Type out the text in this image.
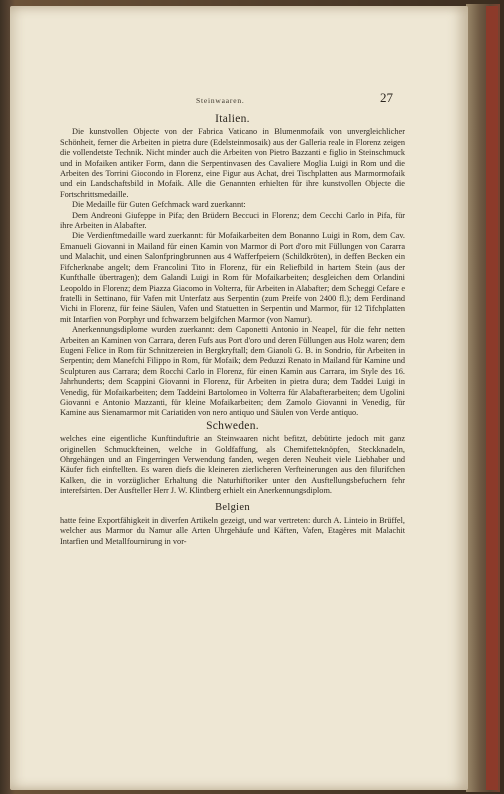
Steinwaaren.	27
Italien.

Die kunstvollen Objecte von der Fabrica Vaticano in Blumenmofaik von unvergleichlicher Schönheit, ferner die Arbeiten in pietra dure (Edelsteinmosaik) aus der Galleria reale in Florenz zeigen die vollendetste Technik. Nicht minder auch die Arbeiten von Pietro Bazzanti e figlio in Steinschmuck und in Mofaiken antiker Form, dann die Serpentinvasen des Cavaliere Moglia Luigi in Rom und die Arbeiten des Torrini Giocondo in Florenz, eine Figur aus Achat, drei Tischplatten aus Marmormofaik und ein Landschaftsbild in Mofaik. Alle die Genannten erhielten für ihre kunstvollen Objecte die Fortschrittsmedaille.

Die Medaille für Guten Gefchmack ward zuerkannt:

Dem Andreoni Giufeppe in Pifa; den Brüdern Beccuci in Florenz; dem Cecchi Carlo in Pifa, für ihre Arbeiten in Alabafter.

Die Verdienftmedaille ward zuerkannt: für Mofaikarbeiten dem Bonanno Luigi in Rom, dem Cav. Emanueli Giovanni in Mailand für einen Kamin von Marmor di Port d'oro mit Füllungen von Cararra und Malachit, und einen Salonfpringbrunnen aus 4 Wafferfpeiern (Schildkröten), in deffen Becken ein Fifcherknabe angelt; dem Francolini Tito in Florenz, für ein Reliefbild in hartem Stein (aus der Kunfthalle übertragen); dem Galandi Luigi in Rom für Mofaikarbeiten; desgleichen dem Orlandini Leopoldo in Florenz; dem Piazza Giacomo in Volterra, für Arbeiten in Alabafter; dem Scheggi Cefare e fratelli in Settinano, für Vafen mit Unterfatz aus Serpentin (zum Preife von 2400 fl.); dem Ferdinand Vichi in Florenz, für feine Säulen, Vafen und Statuetten in Serpentin und Marmor, für 12 Tifchplatten mit Intarfien von Porphyr und fchwarzem belgifchen Marmor (von Namur).

Anerkennungsdiplome wurden zuerkannt: dem Caponetti Antonio in Neapel, für die fehr netten Arbeiten an Kaminen von Carrara, deren Fufs aus Port d'oro und deren Füllungen aus Holz waren; dem Eugeni Felice in Rom für Schnitzereien in Bergkryftall; dem Gianoli G. B. in Sondrio, für Arbeiten in Serpentin; dem Manefchi Filippo in Rom, für Mofaik; dem Peduzzi Renato in Mailand für Kamine und Sculpturen aus Carrara; dem Rocchi Carlo in Florenz, für einen Kamin aus Carrara, im Style des 16. Jahrhunderts; dem Scappini Giovanni in Florenz, für Arbeiten in pietra dura; dem Taddei Luigi in Venedig, für Mofaikarbeiten; dem Taddeini Bartolomeo in Volterra für Alabafterarbeiten; dem Ugolini Giovanni e Antonio Mazzanti, für kleine Mofaikarbeiten; dem Zamolo Giovanni in Venedig, für Kamine aus Sienamarmor mit Cariatiden von nero antiquo und Säulen von Verde antiquo.

Schweden.

welches eine eigentliche Kunftinduftrie an Steinwaaren nicht befitzt, debütirte jedoch mit ganz originellen Schmuckfteinen, welche in Goldfaffung, als Chemifetteknöpfen, Steckknadeln, Ohrgehängen und an Fingerringen Verwendung fanden, wegen deren Neuheit viele Liebhaber und Käufer fich einftellten. Es waren diefs die kleineren zierlicheren Verfteinerungen aus den filurifchen Kalken, die in vorzüglicher Erhaltung die Naturhiftoriker unter den Ausftellungsbefuchern fehr interefsirten. Der Ausfteller Herr J. W. Klintberg erhielt ein Anerkennungsdiplom.

Belgien

hatte feine Exportfähigkeit in diverfen Artikeln gezeigt, und war vertreten: durch A. Linteio in Brüffel, welcher aus Marmor du Namur alle Arten Uhrgehäufe und Käften, Vafen, Etagères mit Malachit Intarfien und Metallfournirung in vor-
